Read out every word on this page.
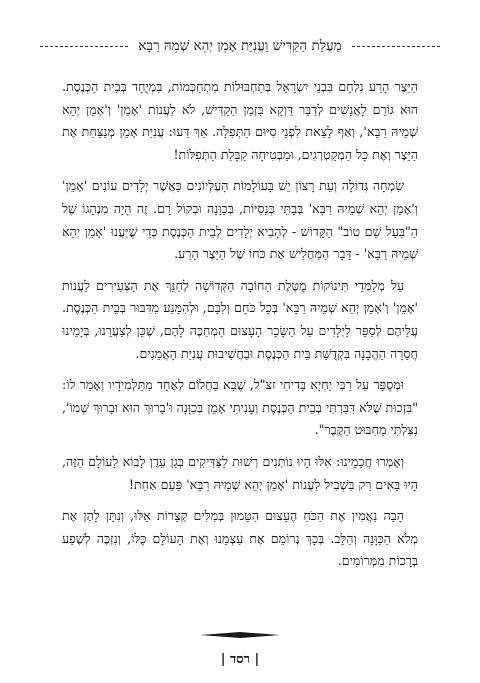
מַעֲלַת הַקַּדִּישׁ וַעֲנִיַּת אָמֵן יְהֵא שְׁמֵהּ רַבָּא

הַיֵּצֶר הָרַע נִלְחָם בִּבְנֵי יִשְׂרָאֵל בְּתַחְבּוּלוֹת מִתְחַכְּמוֹת, בִּמְיֻחָד בְּבֵית הַכְּנֶסֶת. הוּא גּוֹרֵם לָאֲנָשִׁים לְדַבֵּר דַּוְקָא בִּזְמַן הַקַּדִּישׁ, לֹא לַעֲנוֹת 'אָמֵן' וְ'אָמֵן יְהֵא שְׁמֵיהּ רַבָּא', וְאַף לָצֵאת לִפְנֵי סִיּוּם הַתְּפִלָּה. אַךְ דַּעוּ: עֲנִיַּת אָמֵן מְנַצַּחַת אֶת הַיֵּצֶר וְאֶת כָּל הַמְקַטְרְגִים, וּמַבְטִיחָה קַבָּלַת הַתְּפִלּוֹת!

שִׂמְחָה גְּדוֹלָה וְעֵת רָצוֹן יֵשׁ בָּעוֹלָמוֹת הָעֶלְיוֹנִים כַּאֲשֶׁר יְלָדִים עוֹנִים 'אָמֵן' וְ'אָמֵן יְהֵא שְׁמֵיהּ רַבָּא' בְּבָתֵּי כְּנֵסִיּוֹת, בְּכַוָּנָה וּבְקוֹל רָם. זֶה הָיָה מִנְהָגוֹ שֶׁל הַ"בַּעַל שֵׁם טוֹב" הַקָּדוֹשׁ - לְהָבִיא יְלָדִים לְבֵית הַכְּנֶסֶת כְּדֵי שֶׁיַּעֲנוּ 'אָמֵן יְהֵא שְׁמֵיהּ רַבָּא' - דָּבָר הַמַּחֲלִישׁ אֶת כֹּחוֹ שֶׁל הַיֵּצֶר הָרַע.

עַל מְלַמְּדֵי תִּינוֹקוֹת מֻטֶּלֶת הַחוֹבָה הַקְּדוֹשָׁה לְחַנֵּךְ אֶת הַצְּעִירִים לַעֲנוֹת 'אָמֵן' וְ'אָמֵן יְהֵא שְׁמֵיהּ רַבָּא' בְּכָל כֹּחָם וְלִבָּם, וּלְהִמָּנַע מִדִּבּוּר בְּבֵית הַכְּנֶסֶת. עֲלֵיהֶם לְסַפֵּר לַיְּלָדִים עַל הַשָּׂכָר הָעָצוּם הַמְחַכֶּה לָהֶם, שֶׁכֵּן לְצַעֲרֵנוּ, בְּיָמֵינוּ חֲסֵרָה הַהֲבָנָה בִּקְדֻשַּׁת בֵּית הַכְּנֶסֶת וּבַחֲשִׁיבוּת עֲנִיַּת הָאֲמֵנִים.

וּמְסֻפָּר עַל רַבִּי יַחְיָא בָּדִיחִי זצ"ל, שֶׁבָּא בַּחֲלוֹם לְאֶחָד מִתַּלְמִידָיו וְאָמַר לוֹ: "בִּזְכוּת שֶׁלֹּא דִּבַּרְתִּי בְּבֵית הַכְּנֶסֶת וְעָנִיתִי אָמֵן בְּכַוָּנָה וּ'בָרוּךְ הוּא וּבָרוּךְ שְׁמוֹ', נִצַּלְתִּי מֵחִבּוּט הַקֶּבֶר".

וְאָמְרוּ חֲכָמֵינוּ: אִלּוּ הָיוּ נוֹתְנִים רְשׁוּת לַצַּדִּיקִים בְּגַן עֵדֶן לָבוֹא לָעוֹלָם הַזֶּה, הָיוּ בָּאִים רַק בִּשְׁבִיל לַעֲנוֹת 'אָמֵן יְהֵא שְׁמֵיהּ רַבָּא' פַּעַם אַחַת!

הָבָה נַאֲמִין אֶת הַכֹּחַ הֶעָצוּם הַטָּמוּן בְּמִלִּים קְצָרוֹת אֵלּוּ, וְנִתֵּן לָהֶן אֶת מְלֹא הַכַּוָּנָה וְהַלֵּב. בְּכָךְ נְרוֹמֵם אֶת עַצְמֵנוּ וְאֶת הָעוֹלָם כֻּלּוֹ, וְנִזְכֶּה לְשֶׁפַע בְּרָכוֹת מִמְּרוֹמִים.

| רסד |
